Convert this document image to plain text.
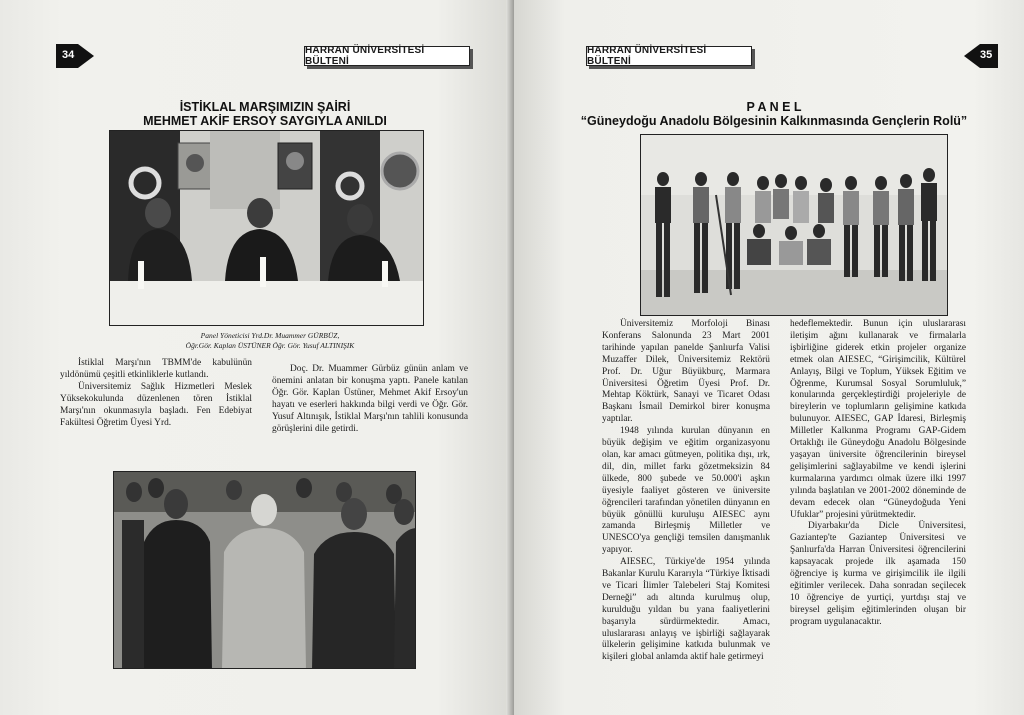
34	HARRAN ÜNİVERSİTESİ BÜLTENİ
İSTİKLAL MARŞIMIZIN ŞAİRİ
MEHMET AKİF ERSOY SAYGIYLA ANILDI
Panel Yöneticisi Yrd.Dr. Muammer GÜRBÜZ,
Öğr.Gör. Kaplan ÜSTÜNER Öğr. Gör. Yusuf ALTINIŞIK

İstiklal Marşı'nın TBMM'de kabulünün yıldönümü çeşitli etkinliklerle kutlandı.

Üniversitemiz Sağlık Hizmetleri Meslek Yüksekokulunda düzenlenen tören İstiklal Marşı'nın okunmasıyla başladı. Fen Edebiyat Fakültesi Öğretim Üyesi Yrd.

Doç. Dr. Muammer Gürbüz günün anlam ve önemini anlatan bir konuşma yaptı. Panele katılan Öğr. Gör. Kaplan Üstüner, Mehmet Akif Ersoy'un hayatı ve eserleri hakkında bilgi verdi ve Öğr. Gör. Yusuf Altınışık, İstiklal Marşı'nın tahlili konusunda görüşlerini dile getirdi.

HARRAN ÜNİVERSİTESİ BÜLTENİ
35
P A N E L
“Güneydoğu Anadolu Bölgesinin Kalkınmasında Gençlerin Rolü”

Üniversitemiz Morfoloji Binası Konferans Salonunda 23 Mart 2001 tarihinde yapılan panelde Şanlıurfa Valisi Muzaffer Dilek, Üniversitemiz Rektörü Prof. Dr. Uğur Büyükburç, Marmara Üniversitesi Öğretim Üyesi Prof. Dr. Mehtap Köktürk, Sanayi ve Ticaret Odası Başkanı İsmail Demirkol birer konuşma yaptılar.

1948 yılında kurulan dünyanın en büyük değişim ve eğitim organizasyonu olan, kar amacı gütmeyen, politika dışı, ırk, dil, din, millet farkı gözetmeksizin 84 ülkede, 800 şubede ve 50.000'i aşkın üyesiyle faaliyet gösteren ve üniversite öğrencileri tarafından yönetilen dünyanın en büyük gönüllü kuruluşu AIESEC aynı zamanda Birleşmiş Milletler ve UNESCO'ya gençliği temsilen danışmanlık yapıyor.

AIESEC, Türkiye'de 1954 yılında Bakanlar Kurulu Kararıyla “Türkiye İktisadi ve Ticari İlimler Talebeleri Staj Komitesi Derneği” adı altında kurulmuş olup, kurulduğu yıldan bu yana faaliyetlerini başarıyla sürdürmektedir. Amacı, uluslararası anlayış ve işbirliği sağlayarak ülkelerin gelişimine katkıda bulunmak ve kişileri global anlamda aktif hale getirmeyi

hedeflemektedir. Bunun için uluslararası iletişim ağını kullanarak ve firmalarla işbirliğine giderek etkin projeler organize etmek olan AIESEC, “Girişimcilik, Kültürel Anlayış, Bilgi ve Toplum, Yüksek Eğitim ve Öğrenme, Kurumsal Sosyal Sorumluluk,” konularında gerçekleştirdiği projeleriyle de bireylerin ve toplumların gelişimine katkıda bulunuyor. AIESEC, GAP İdaresi, Birleşmiş Milletler Kalkınma Programı GAP-Gidem Ortaklığı ile Güneydoğu Anadolu Bölgesinde yaşayan üniversite öğrencilerinin bireysel gelişimlerini sağlayabilme ve kendi işlerini kurmalarına yardımcı olmak üzere ilki 1997 yılında başlatılan ve 2001-2002 döneminde de devam edecek olan “Güneydoğuda Yeni Ufuklar” projesini yürütmektedir.

Diyarbakır'da Dicle Üniversitesi, Gaziantep'te Gaziantep Üniversitesi ve Şanlıurfa'da Harran Üniversitesi öğrencilerini kapsayacak projede ilk aşamada 150 öğrenciye iş kurma ve girişimcilik ile ilgili eğitimler verilecek. Daha sonradan seçilecek 10 öğrenciye de yurtiçi, yurtdışı staj ve bireysel gelişim eğitimlerinden oluşan bir program uygulanacaktır.
